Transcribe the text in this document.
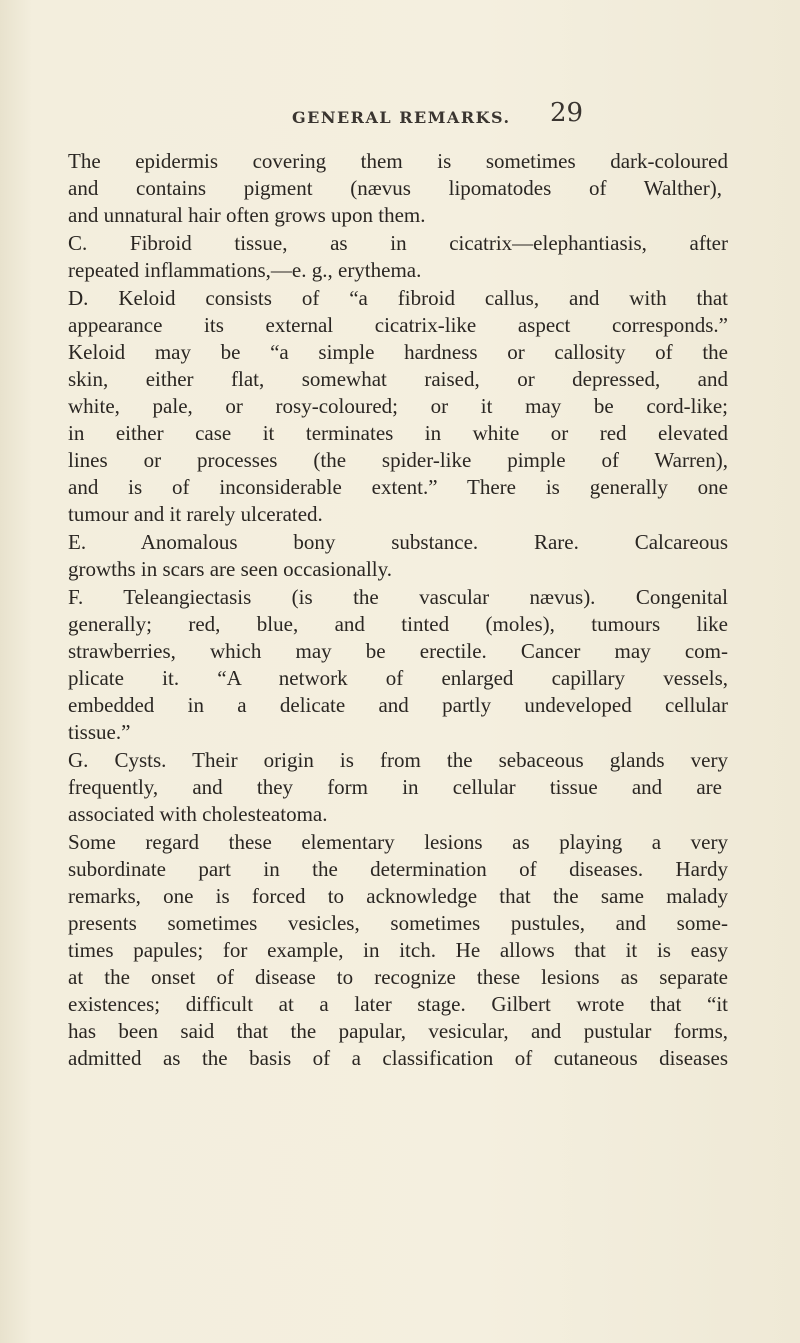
GENERAL REMARKS. 29
The epidermis covering them is sometimes dark-coloured
and contains pigment (nævus lipomatodes of Walther),
and unnatural hair often grows upon them.
C. Fibroid tissue, as in cicatrix—elephantiasis, after
repeated inflammations,—e. g., erythema.
D. Keloid consists of “a fibroid callus, and with that
appearance its external cicatrix-like aspect corresponds.”
Keloid may be “a simple hardness or callosity of the
skin, either flat, somewhat raised, or depressed, and
white, pale, or rosy-coloured; or it may be cord-like;
in either case it terminates in white or red elevated
lines or processes (the spider-like pimple of Warren),
and is of inconsiderable extent.” There is generally one
tumour and it rarely ulcerated.
E. Anomalous bony substance. Rare. Calcareous
growths in scars are seen occasionally.
F. Teleangiectasis (is the vascular nævus). Congenital
generally; red, blue, and tinted (moles), tumours like
strawberries, which may be erectile. Cancer may com-
plicate it. “A network of enlarged capillary vessels,
embedded in a delicate and partly undeveloped cellular
tissue.”
G. Cysts. Their origin is from the sebaceous glands very
frequently, and they form in cellular tissue and are
associated with cholesteatoma.
Some regard these elementary lesions as playing a very
subordinate part in the determination of diseases. Hardy
remarks, one is forced to acknowledge that the same malady
presents sometimes vesicles, sometimes pustules, and some-
times papules; for example, in itch. He allows that it is easy
at the onset of disease to recognize these lesions as separate
existences; difficult at a later stage. Gilbert wrote that “it
has been said that the papular, vesicular, and pustular forms,
admitted as the basis of a classification of cutaneous diseases
